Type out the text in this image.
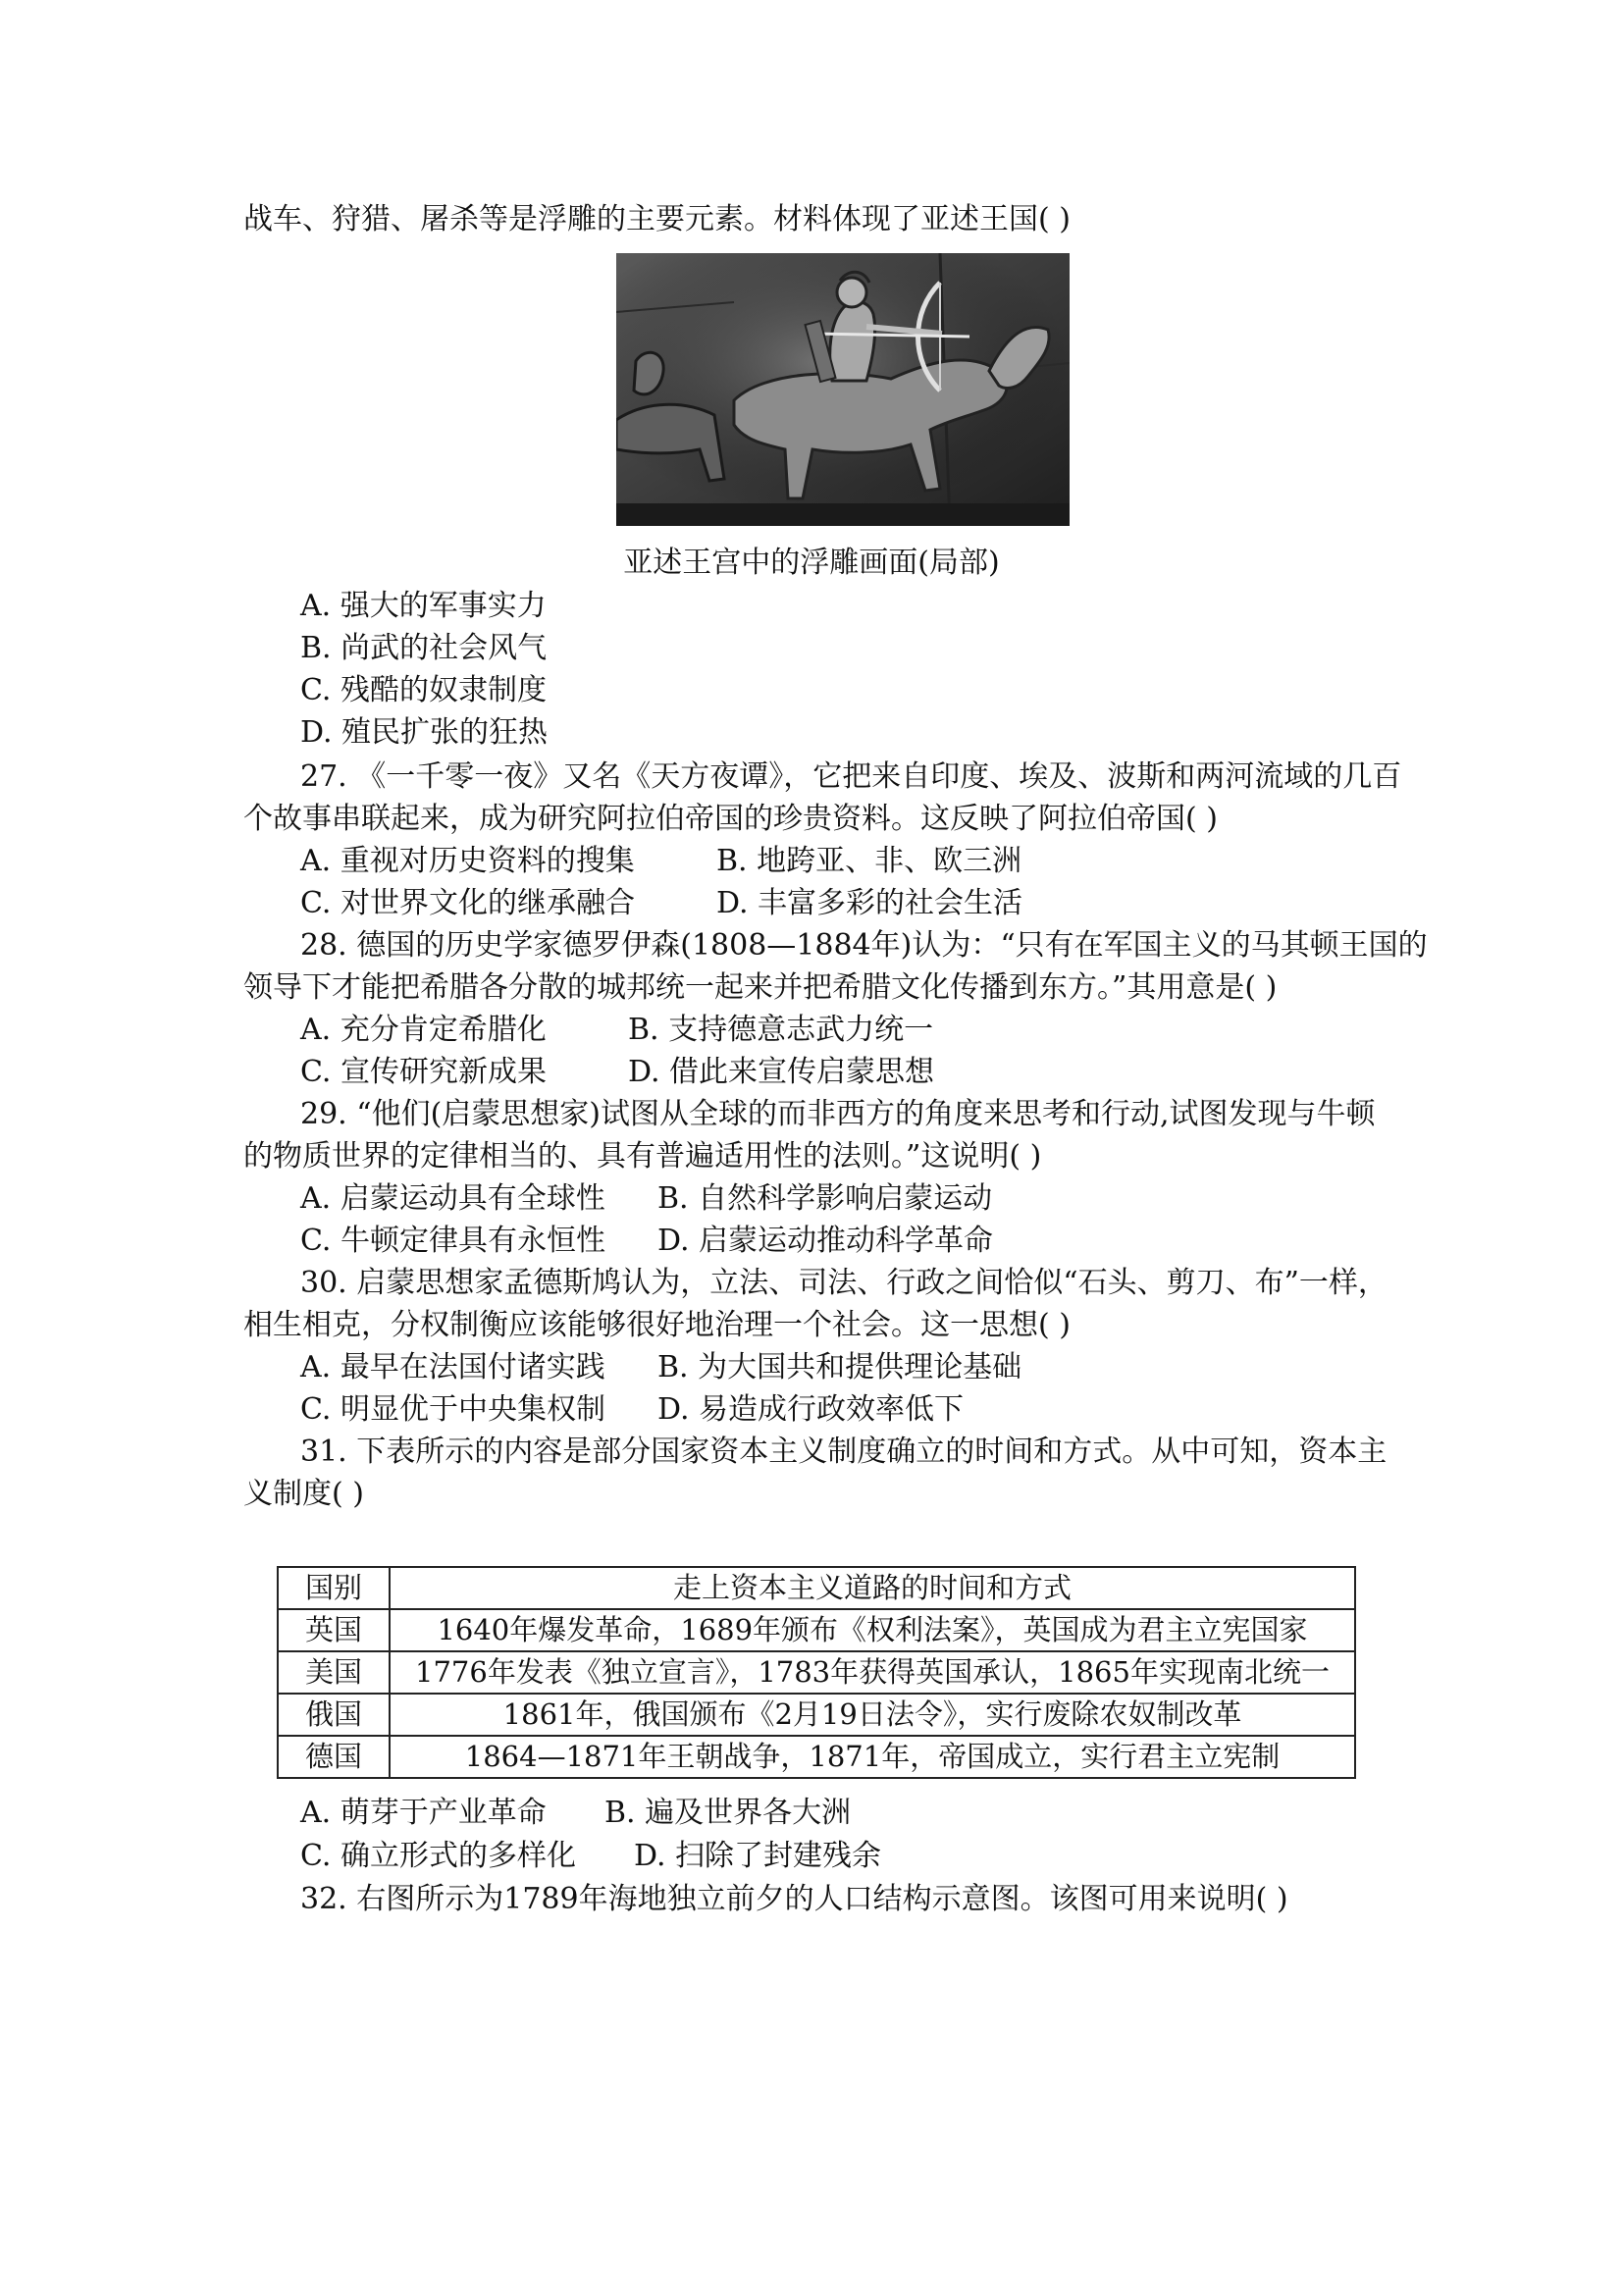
战车、狩猎、屠杀等是浮雕的主要元素。材料体现了亚述王国( )
亚述王宫中的浮雕画面(局部)
A. 强大的军事实力
B. 尚武的社会风气
C. 残酷的奴隶制度
D. 殖民扩张的狂热
27. 《一千零一夜》又名《天方夜谭》，它把来自印度、埃及、波斯和两河流域的几百
个故事串联起来，成为研究阿拉伯帝国的珍贵资料。这反映了阿拉伯帝国( )
A. 重视对历史资料的搜集	B. 地跨亚、非、欧三洲
C. 对世界文化的继承融合	D. 丰富多彩的社会生活
28. 德国的历史学家德罗伊森(1808—1884年)认为：“只有在军国主义的马其顿王国的
领导下才能把希腊各分散的城邦统一起来并把希腊文化传播到东方。”其用意是( )
A. 充分肯定希腊化	B. 支持德意志武力统一
C. 宣传研究新成果	D. 借此来宣传启蒙思想
29. “他们(启蒙思想家)试图从全球的而非西方的角度来思考和行动,试图发现与牛顿
的物质世界的定律相当的、具有普遍适用性的法则。”这说明( )
A. 启蒙运动具有全球性 B. 自然科学影响启蒙运动
C. 牛顿定律具有永恒性 D. 启蒙运动推动科学革命
30. 启蒙思想家孟德斯鸠认为，立法、司法、行政之间恰似“石头、剪刀、布”一样，
相生相克，分权制衡应该能够很好地治理一个社会。这一思想( )
A. 最早在法国付诸实践 B. 为大国共和提供理论基础
C. 明显优于中央集权制 D. 易造成行政效率低下
31. 下表所示的内容是部分国家资本主义制度确立的时间和方式。从中可知，资本主
义制度( )
国别	走上资本主义道路的时间和方式
英国	1640年爆发革命，1689年颁布《权利法案》，英国成为君主立宪国家
美国	1776年发表《独立宣言》，1783年获得英国承认，1865年实现南北统一
俄国	1861年，俄国颁布《2月19日法令》，实行废除农奴制改革
德国	1864—1871年王朝战争，1871年，帝国成立，实行君主立宪制
A. 萌芽于产业革命 B. 遍及世界各大洲
C. 确立形式的多样化 D. 扫除了封建残余
32. 右图所示为1789年海地独立前夕的人口结构示意图。该图可用来说明( )
